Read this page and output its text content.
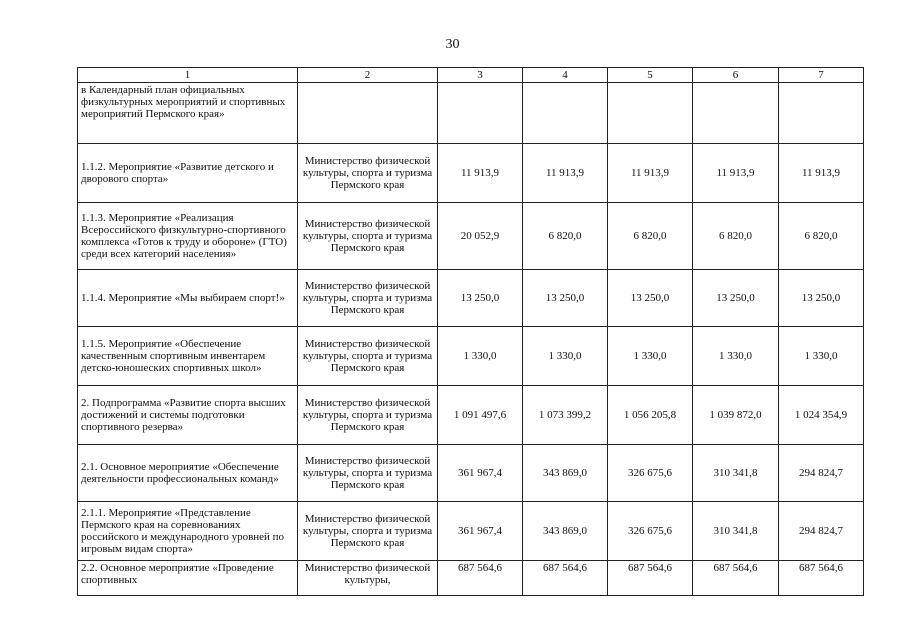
30
1	2	3	4	5	6	7
в Календарный план официальных физкультурных мероприятий и спортивных мероприятий Пермского края»						
1.1.2. Мероприятие «Развитие детского и дворового спорта»	Министерство физической культуры, спорта и туризма Пермского края	11 913,9	11 913,9	11 913,9	11 913,9	11 913,9
1.1.3. Мероприятие «Реализация Всероссийского физкультурно-спортивного комплекса «Готов к труду и обороне» (ГТО) среди всех категорий населения»	Министерство физической культуры, спорта и туризма Пермского края	20 052,9	6 820,0	6 820,0	6 820,0	6 820,0
1.1.4. Мероприятие «Мы выбираем спорт!»	Министерство физической культуры, спорта и туризма Пермского края	13 250,0	13 250,0	13 250,0	13 250,0	13 250,0
1.1.5. Мероприятие «Обеспечение качественным спортивным инвентарем детско-юношеских спортивных школ»	Министерство физической культуры, спорта и туризма Пермского края	1 330,0	1 330,0	1 330,0	1 330,0	1 330,0
2. Подпрограмма «Развитие спорта высших достижений и системы подготовки спортивного резерва»	Министерство физической культуры, спорта и туризма Пермского края	1 091 497,6	1 073 399,2	1 056 205,8	1 039 872,0	1 024 354,9
2.1. Основное мероприятие «Обеспечение деятельности профессиональных команд»	Министерство физической культуры, спорта и туризма Пермского края	361 967,4	343 869,0	326 675,6	310 341,8	294 824,7
2.1.1. Мероприятие «Представление Пермского края на соревнованиях российского и международного уровней по игровым видам спорта»	Министерство физической культуры, спорта и туризма Пермского края	361 967,4	343 869,0	326 675,6	310 341,8	294 824,7
2.2. Основное мероприятие «Проведение спортивных	Министерство физической культуры,	687 564,6	687 564,6	687 564,6	687 564,6	687 564,6
